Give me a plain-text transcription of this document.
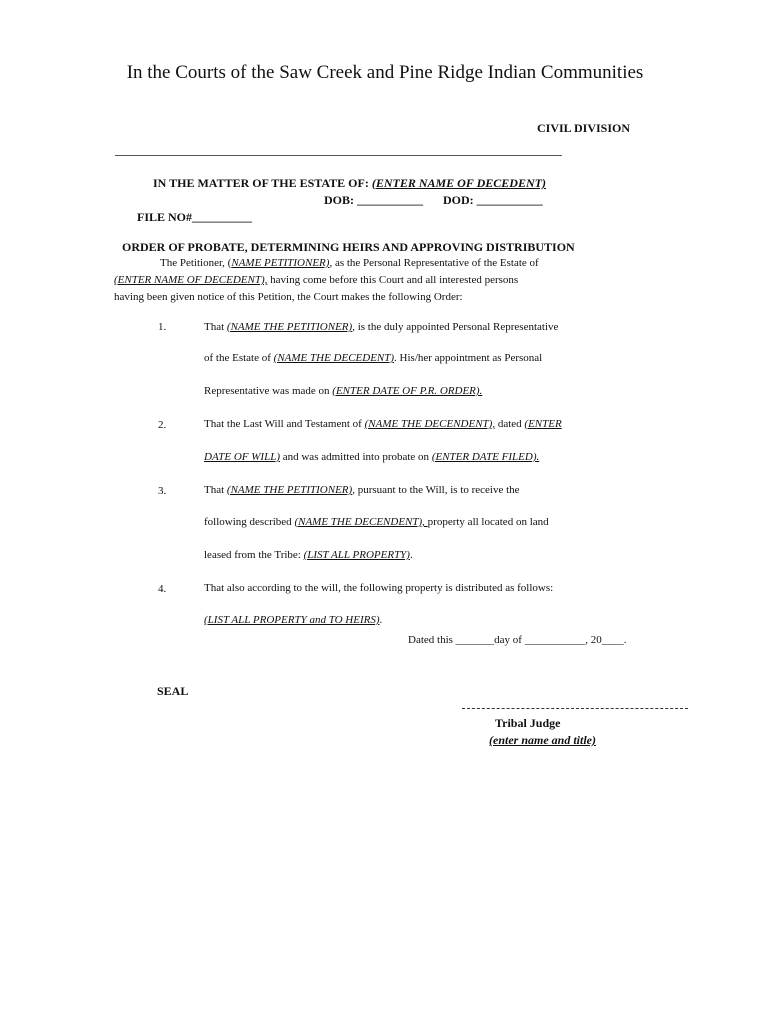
In the Courts of the Saw Creek and Pine Ridge Indian Communities
CIVIL DIVISION
IN THE MATTER OF THE ESTATE OF: (ENTER NAME OF DECEDENT)
DOB: ___________ DOD: ___________
FILE NO#__________
ORDER OF PROBATE, DETERMINING HEIRS AND APPROVING DISTRIBUTION
The Petitioner, (NAME PETITIONER), as the Personal Representative of the Estate of
(ENTER NAME OF DECEDENT), having come before this Court and all interested persons
having been given notice of this Petition, the Court makes the following Order:
1.	That (NAME THE PETITIONER), is the duly appointed Personal Representative
of the Estate of (NAME THE DECEDENT). His/her appointment as Personal
Representative was made on (ENTER DATE OF P.R. ORDER).
2.	That the Last Will and Testament of (NAME THE DECENDENT), dated (ENTER
DATE OF WILL) and was admitted into probate on (ENTER DATE FILED).
3.	That (NAME THE PETITIONER), pursuant to the Will, is to receive the
following described (NAME THE DECENDENT), property all located on land
leased from the Tribe: (LIST ALL PROPERTY).
4.	That also according to the will, the following property is distributed as follows:
(LIST ALL PROPERTY and TO HEIRS).
Dated this _______day of ___________, 20____.
SEAL
Tribal Judge
(enter name and title)
